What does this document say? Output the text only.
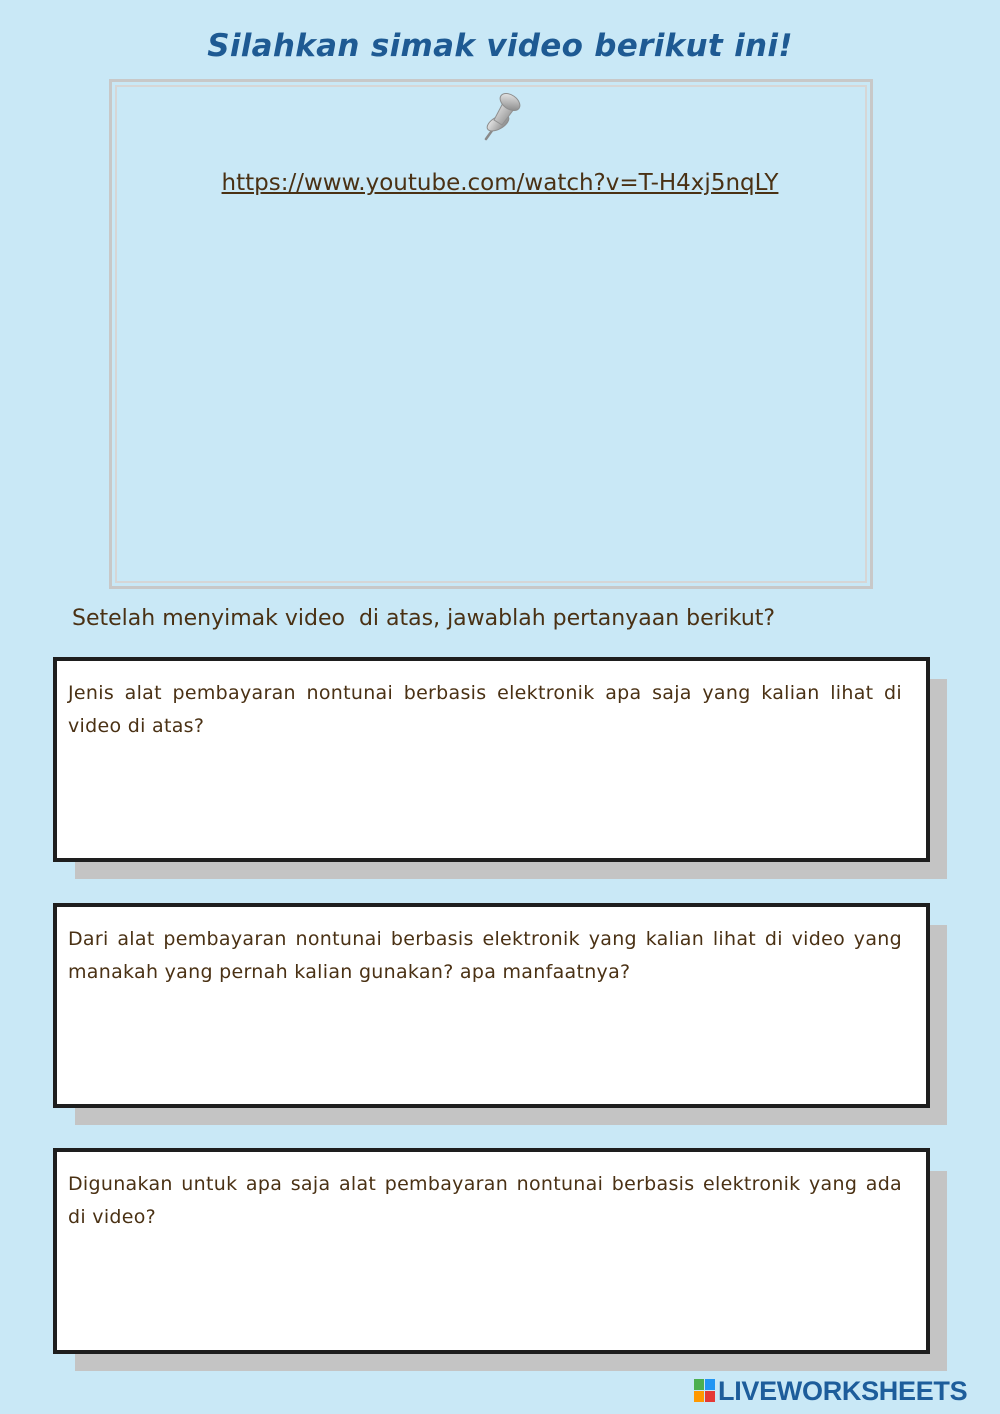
Silahkan simak video berikut ini!
https://www.youtube.com/watch?v=T-H4xj5nqLY
Setelah menyimak video  di atas, jawablah pertanyaan berikut?
Jenis alat pembayaran nontunai berbasis elektronik apa saja yang kalian lihat di video di atas?
Dari alat pembayaran nontunai berbasis elektronik yang kalian lihat di video yang manakah yang pernah kalian gunakan? apa manfaatnya?
Digunakan untuk apa saja alat pembayaran nontunai berbasis elektronik yang ada di video?
LIVEWORKSHEETS
